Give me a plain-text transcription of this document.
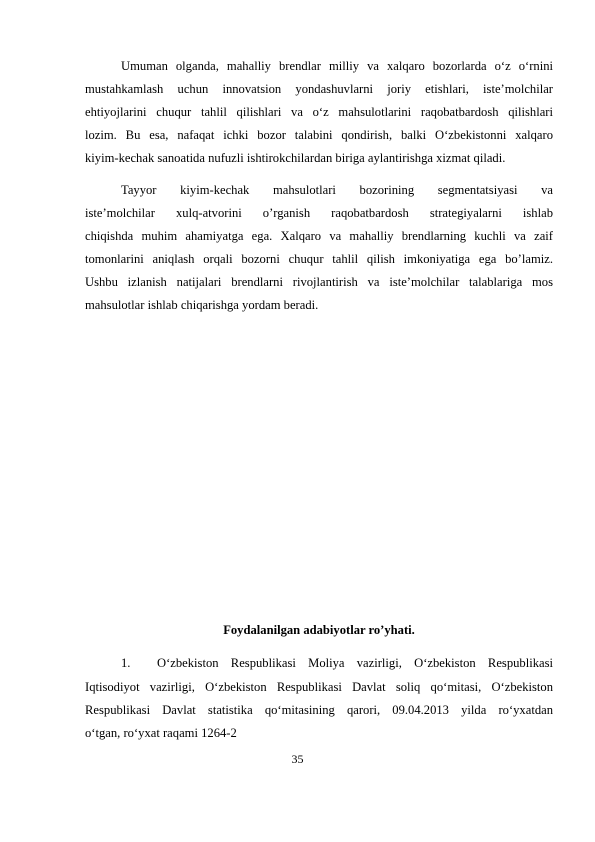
Umuman olganda, mahalliy brendlar milliy va xalqaro bozorlarda o‘z o‘rnini
mustahkamlash uchun innovatsion yondashuvlarni joriy etishlari, iste’molchilar
ehtiyojlarini chuqur tahlil qilishlari va o‘z mahsulotlarini raqobatbardosh qilishlari
lozim. Bu esa, nafaqat ichki bozor talabini qondirish, balki O‘zbekistonni xalqaro
kiyim-kechak sanoatida nufuzli ishtirokchilardan biriga aylantirishga xizmat qiladi.
Tayyor kiyim-kechak mahsulotlari bozorining segmentatsiyasi va
iste’molchilar xulq-atvorini o’rganish raqobatbardosh strategiyalarni ishlab
chiqishda muhim ahamiyatga ega. Xalqaro va mahalliy brendlarning kuchli va zaif
tomonlarini aniqlash orqali bozorni chuqur tahlil qilish imkoniyatiga ega bo’lamiz.
Ushbu izlanish natijalari brendlarni rivojlantirish va iste’molchilar talablariga mos
mahsulotlar ishlab chiqarishga yordam beradi.
Foydalanilgan adabiyotlar ro’yhati.
1. O‘zbekiston Respublikasi Moliya vazirligi, O‘zbekiston Respublikasi
Iqtisodiyot vazirligi, O‘zbekiston Respublikasi Davlat soliq qo‘mitasi, O‘zbekiston
Respublikasi Davlat statistika qo‘mitasining qarori, 09.04.2013 yilda ro‘yxatdan
o‘tgan, ro‘yxat raqami 1264-2
35
